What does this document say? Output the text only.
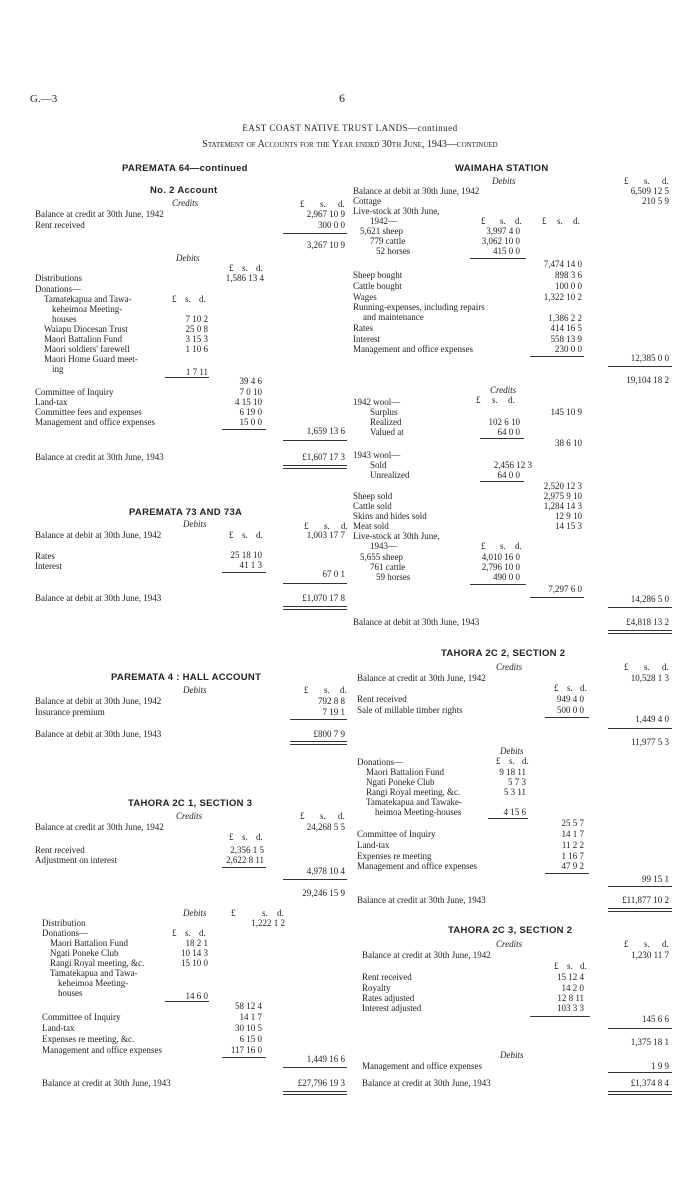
G.—3	6
EAST COAST NATIVE TRUST LANDS—continued
Statement of Accounts for the Year ended 30th June, 1943—continued
PAREMATA 64—continued
No. 2 Account
Credits	£ s. d.
Balance at credit at 30th June, 1942	2,967 10 9
Rent received	300 0 0
3,267 10 9
Debits
£ s. d.
Distributions	1,586 13 4
Donations—
£ s. d.
Tamatekapua and Tawa-
keheimoa Meeting-
houses	7 10 2
Waiapu Diocesan Trust	25 0 8
Maori Battalion Fund	3 15 3
Maori soldiers' farewell	1 10 6
Maori Home Guard meet-
ing	1 7 11
39 4 6
Committee of Inquiry	7 0 10
Land-tax	4 15 10
Committee fees and expenses	6 19 0
Management and office expenses	15 0 0
1,659 13 6
Balance at credit at 30th June, 1943	£1,607 17 3
PAREMATA 73 AND 73A
Debits
£ s. d.
£ s. d.
Balance at debit at 30th June, 1942	1,003 17 7
Rates	25 18 10
Interest	41 1 3
67 0 1
Balance at debit at 30th June, 1943	£1,070 17 8
PAREMATA 4 : HALL ACCOUNT
Debits	£ s. d.
Balance at debit at 30th June, 1942	792 8 8
Insurance premium	7 19 1
Balance at debit at 30th June, 1943	£800 7 9
TAHORA 2C 1, SECTION 3
Credits	£ s. d.
Balance at credit at 30th June, 1942	24,268 5 5
£ s. d.
Rent received	2,356 1 5
Adjustment on interest	2,622 8 11
4,978 10 4
29,246 15 9
Debits	£	s. d.
Distribution	1,222 1 2
Donations—	£ s. d.
Maori Battalion Fund	18 2 1
Ngati Poneke Club	10 14 3
Rangi Royal meeting, &c.	15 10 0
Tamatekapua and Tawa-
keheimoa Meeting-
houses	14 6 0
58 12 4
Committee of Inquiry	14 1 7
Land-tax	30 10 5
Expenses re meeting, &c.	6 15 0
Management and office expenses	117 16 0
1,449 16 6
Balance at credit at 30th June, 1943	£27,796 19 3
WAIMAHA STATION
Debits	£ s. d.
Balance at debit at 30th June, 1942	6,509 12 5
Cottage	210 5 9
Live-stock at 30th June,
1942—	£ s. d. £ s. d.
5,621 sheep	3,997 4 0
779 cattle	3,062 10 0
52 horses	415 0 0
7,474 14 0
Sheep bought	898 3 6
Cattle bought	100 0 0
Wages	1,322 10 2
Running-expenses, including repairs
and maintenance	1,386 2 2
Rates	414 16 5
Interest	558 13 9
Management and office expenses	230 0 0
12,385 0 0
19,104 18 2
Credits
£ s. d.
1942 wool—
Surplus	145 10 9
Realized	102 6 10
Valued at	64 0 0
38 6 10
1943 wool—
Sold	2,456 12 3
Unrealized	64 0 0
2,520 12 3
Sheep sold	2,975 9 10
Cattle sold	1,284 14 3
Skins and hides sold	12 9 10
Meat sold	14 15 3
Live-stock at 30th June,
1943—	£ s. d.
5,655 sheep	4,010 16 0
761 cattle	2,796 10 0
59 horses	490 0 0
7,297 6 0
14,286 5 0
Balance at debit at 30th June, 1943	£4,818 13 2
TAHORA 2C 2, SECTION 2
Credits	£ s. d.
Balance at credit at 30th June, 1942	10,528 1 3
£ s. d.
Rent received	949 4 0
Sale of millable timber rights	500 0 0
1,449 4 0
11,977 5 3
Debits
£ s. d.
Donations—
Maori Battalion Fund	9 18 11
Ngati Poneke Club	5 7 3
Rangi Royal meeting, &c.	5 3 11
Tamatekapua and Tawake-
heimoa Meeting-houses	4 15 6
25 5 7
Committee of Inquiry	14 1 7
Land-tax	11 2 2
Expenses re meeting	1 16 7
Management and office expenses	47 9 2
99 15 1
Balance at credit at 30th June, 1943	£11,877 10 2
TAHORA 2C 3, SECTION 2
Credits	£ s. d.
Balance at credit at 30th June, 1942	1,230 11 7
£ s. d.
Rent received	15 12 4
Royalty	14 2 0
Rates adjusted	12 8 11
Interest adjusted	103 3 3
145 6 6
1,375 18 1
Debits
Management and office expenses	1 9 9
Balance at credit at 30th June, 1943	£1,374 8 4
